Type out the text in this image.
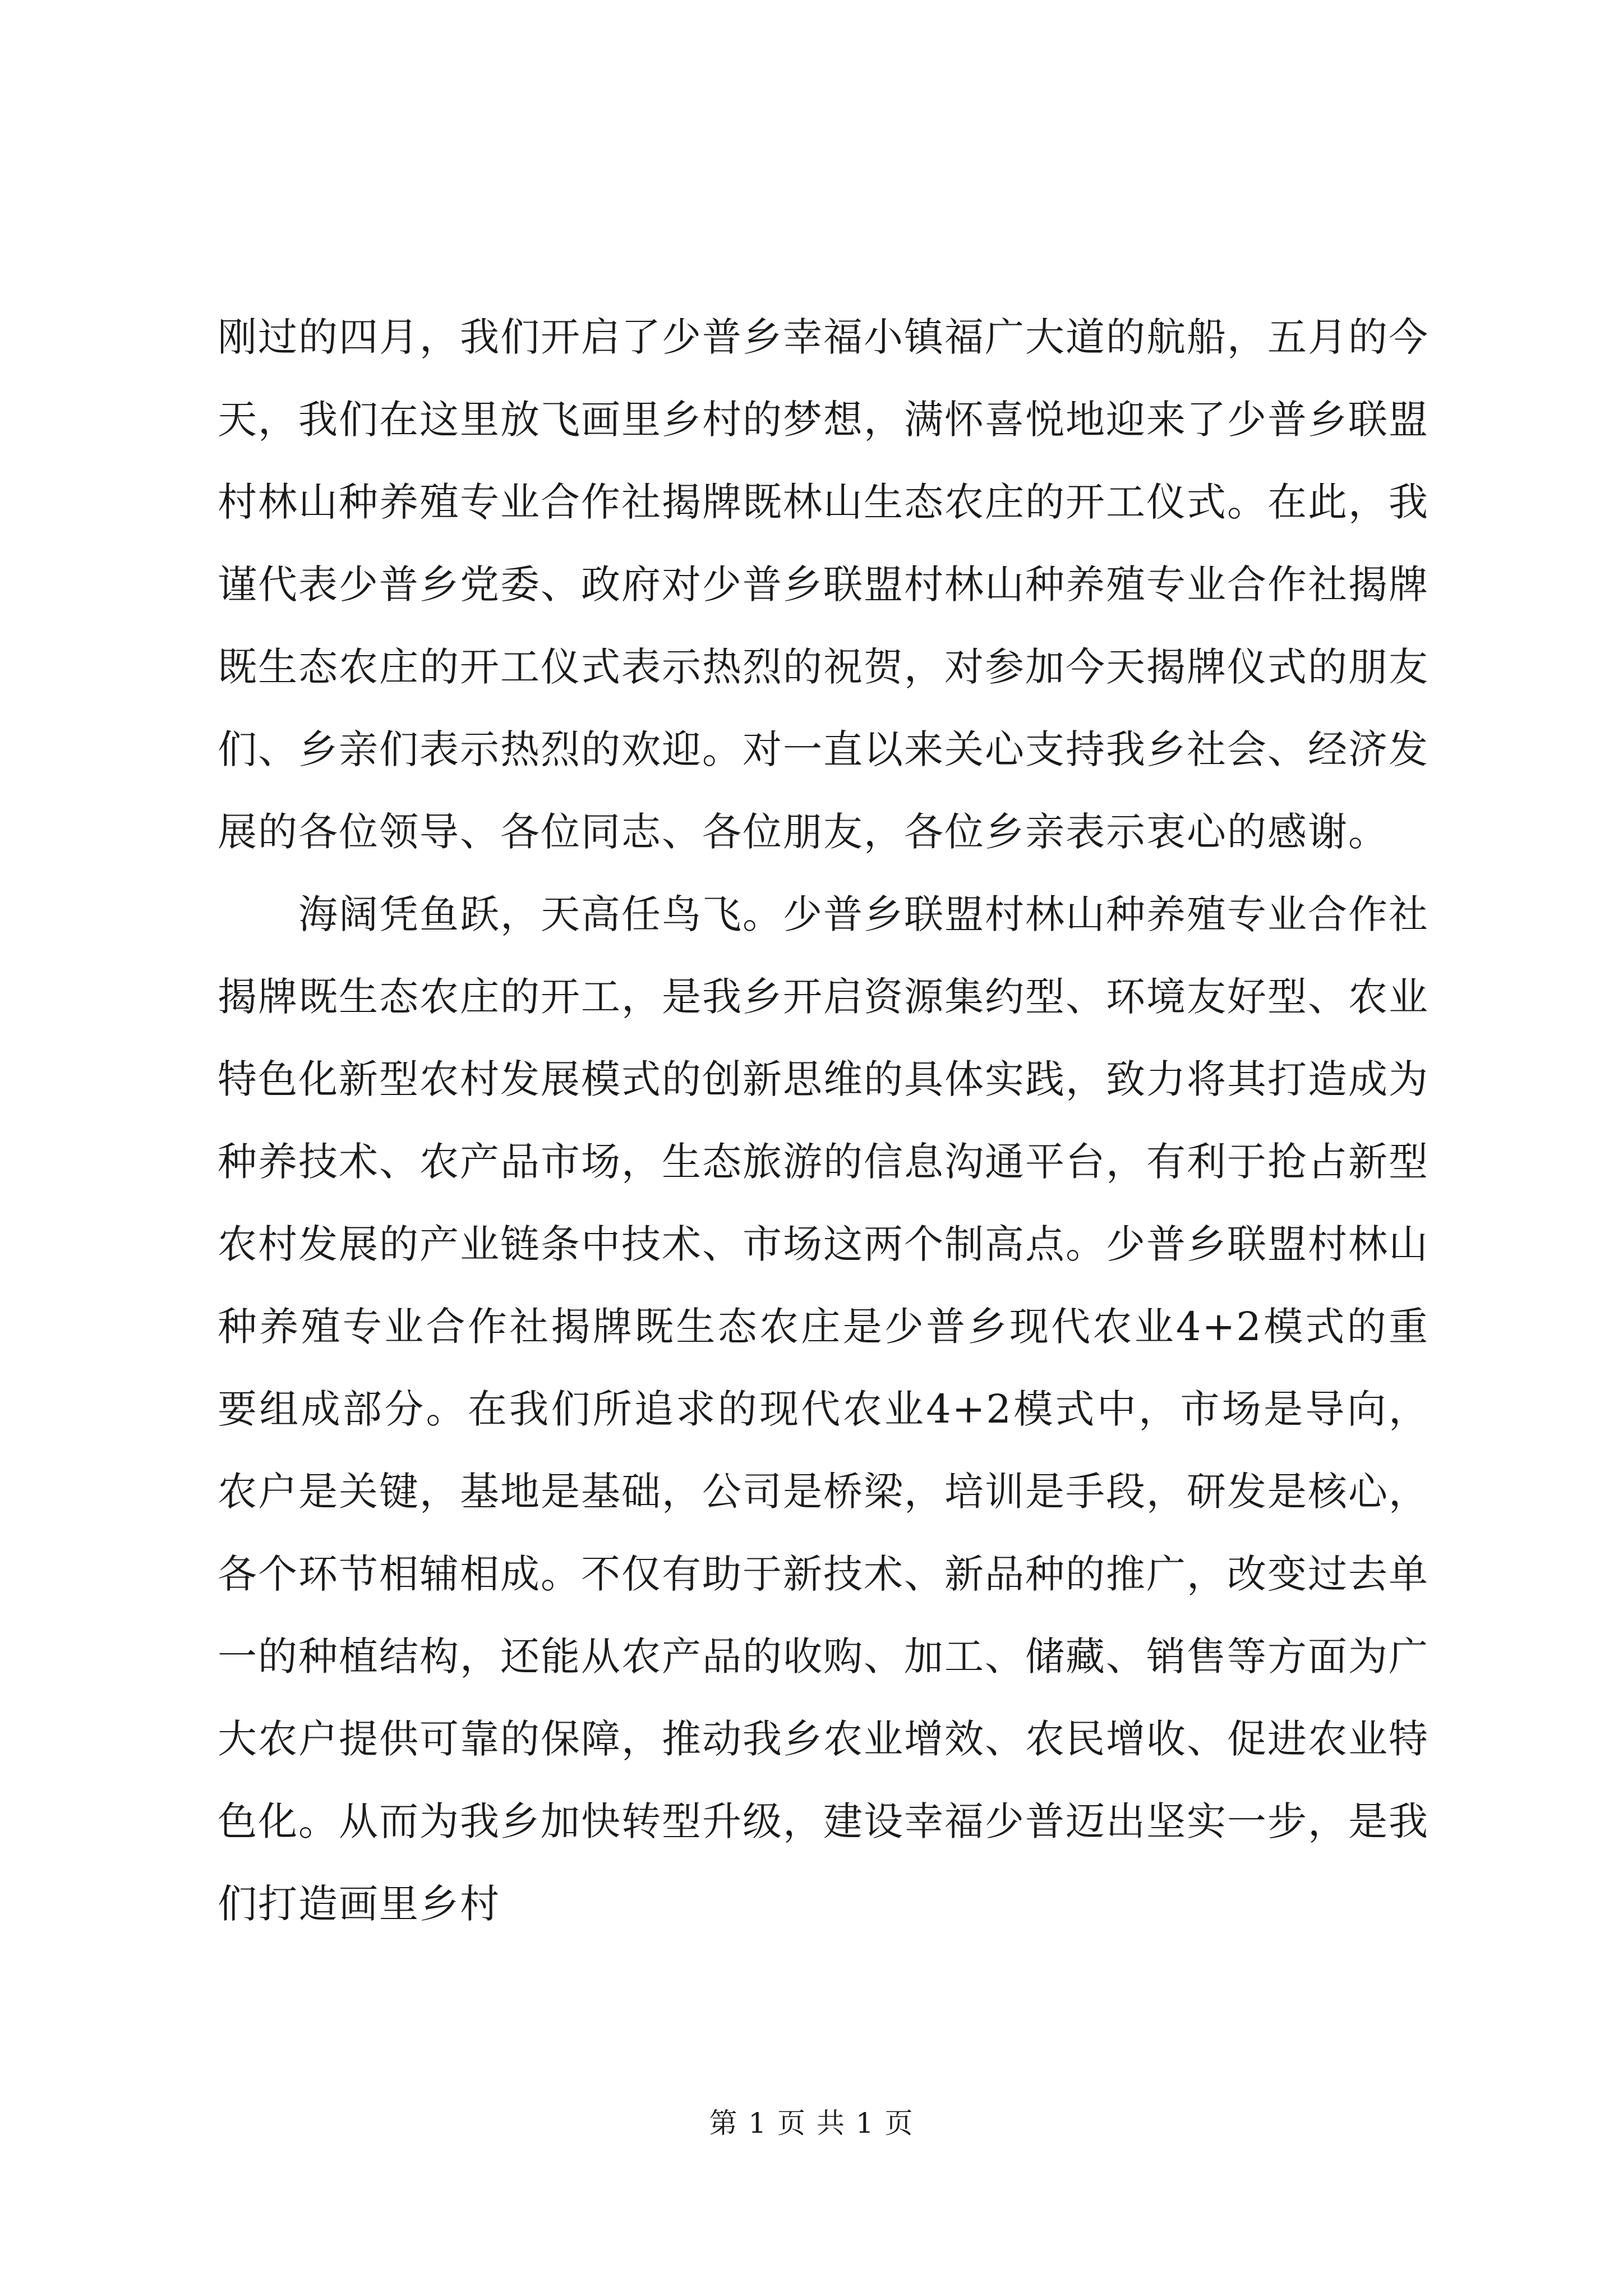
刚过的四月，我们开启了少普乡幸福小镇福广大道的航船，五月的今天，我们在这里放飞画里乡村的梦想，满怀喜悦地迎来了少普乡联盟村林山种养殖专业合作社揭牌既林山生态农庄的开工仪式。在此，我谨代表少普乡党委、政府对少普乡联盟村林山种养殖专业合作社揭牌既生态农庄的开工仪式表示热烈的祝贺，对参加今天揭牌仪式的朋友们、乡亲们表示热烈的欢迎。对一直以来关心支持我乡社会、经济发展的各位领导、各位同志、各位朋友，各位乡亲表示衷心的感谢。

海阔凭鱼跃，天高任鸟飞。少普乡联盟村林山种养殖专业合作社揭牌既生态农庄的开工，是我乡开启资源集约型、环境友好型、农业特色化新型农村发展模式的创新思维的具体实践，致力将其打造成为种养技术、农产品市场，生态旅游的信息沟通平台，有利于抢占新型农村发展的产业链条中技术、市场这两个制高点。少普乡联盟村林山种养殖专业合作社揭牌既生态农庄是少普乡现代农业4+2模式的重要组成部分。在我们所追求的现代农业4+2模式中，市场是导向，农户是关键，基地是基础，公司是桥梁，培训是手段，研发是核心，各个环节相辅相成。不仅有助于新技术、新品种的推广，改变过去单一的种植结构，还能从农产品的收购、加工、储藏、销售等方面为广大农户提供可靠的保障，推动我乡农业增效、农民增收、促进农业特色化。从而为我乡加快转型升级，建设幸福少普迈出坚实一步，是我们打造画里乡村

第 1 页 共 1 页
